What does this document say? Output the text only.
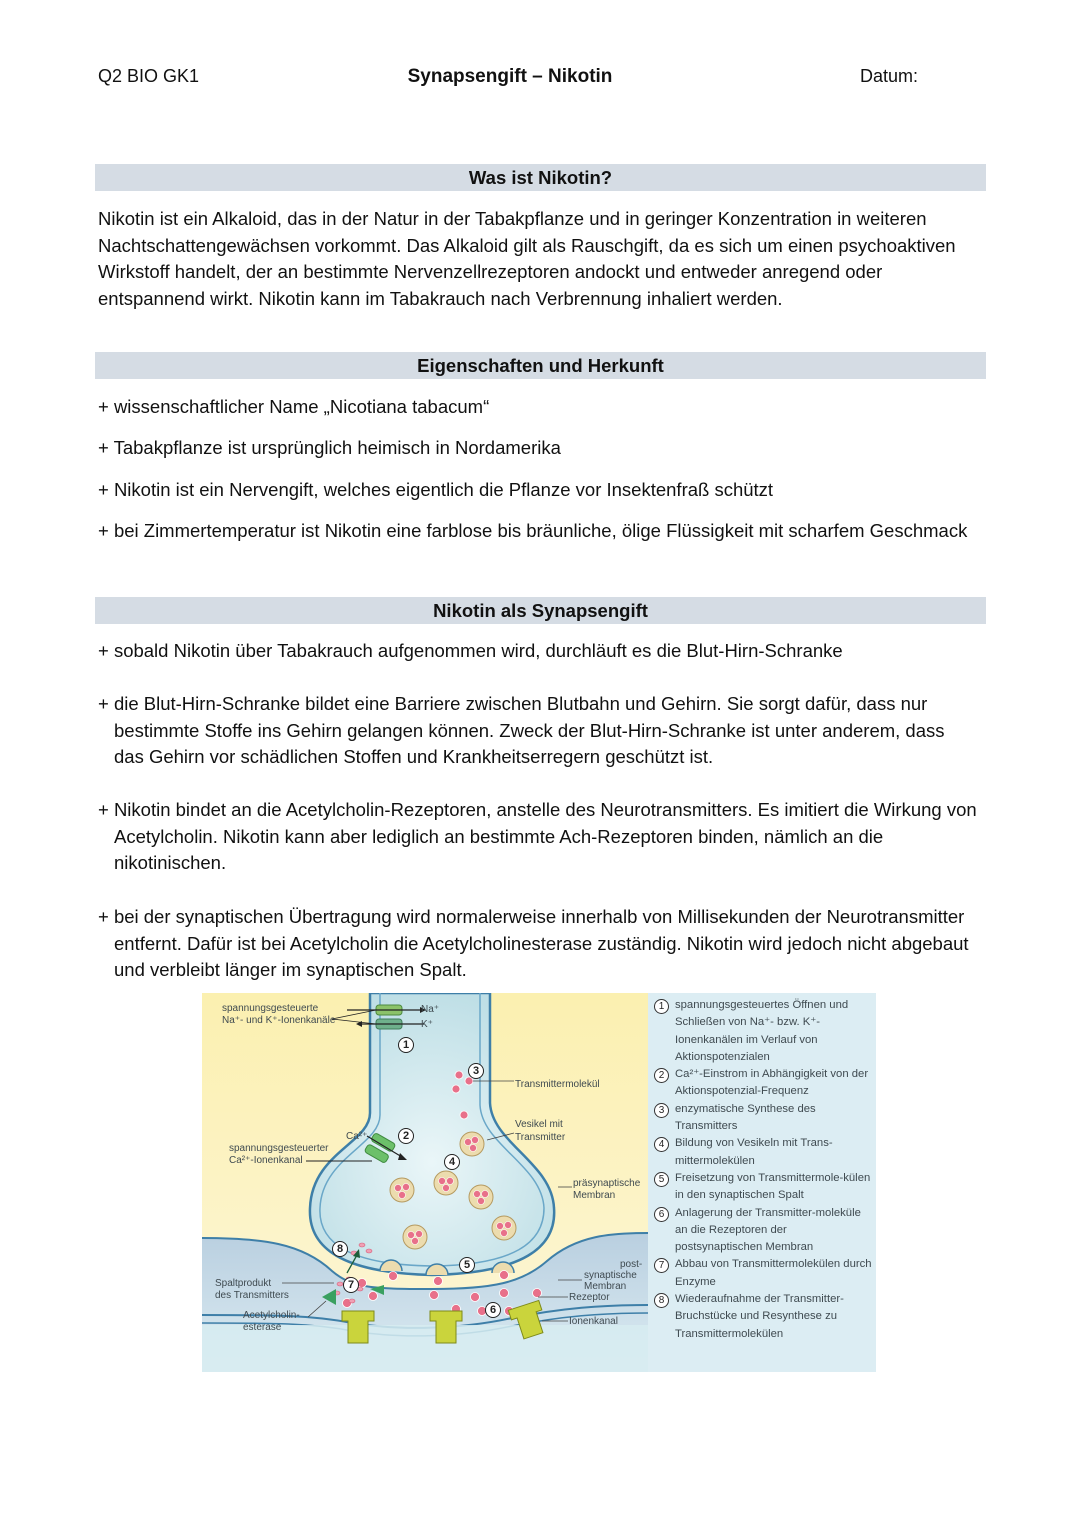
Q2 BIO GK1	Synapsengift – Nikotin	Datum:
Was ist Nikotin?
Nikotin ist ein Alkaloid, das in der Natur in der Tabakpflanze und in geringer Konzentration in weiteren Nachtschattengewächsen vorkommt. Das Alkaloid gilt als Rauschgift, da es sich um einen psychoaktiven Wirkstoff handelt, der an bestimmte Nervenzellrezeptoren andockt und entweder anregend oder entspannend wirkt. Nikotin kann im Tabakrauch nach Verbrennung inhaliert werden.
Eigenschaften und Herkunft
+ wissenschaftlicher Name „Nicotiana tabacum“
+ Tabakpflanze ist ursprünglich heimisch in Nordamerika
+ Nikotin ist ein Nervengift, welches eigentlich die Pflanze vor Insektenfraß schützt
+ bei Zimmertemperatur ist Nikotin eine farblose bis bräunliche, ölige Flüssigkeit mit scharfem Geschmack
Nikotin als Synapsengift
+ sobald Nikotin über Tabakrauch aufgenommen wird, durchläuft es die Blut-Hirn-Schranke
+ die Blut-Hirn-Schranke bildet eine Barriere zwischen Blutbahn und Gehirn. Sie sorgt dafür, dass nur bestimmte Stoffe ins Gehirn gelangen können. Zweck der Blut-Hirn-Schranke ist unter anderem, dass das Gehirn vor schädlichen Stoffen und Krankheitserregern geschützt ist.
+ Nikotin bindet an die Acetylcholin-Rezeptoren, anstelle des Neurotransmitters. Es imitiert die Wirkung von Acetylcholin. Nikotin kann aber lediglich an bestimmte Ach-Rezeptoren binden, nämlich an die nikotinischen.
+ bei der synaptischen Übertragung wird normalerweise innerhalb von Millisekunden der Neurotransmitter entfernt. Dafür ist bei Acetylcholin die Acetylcholinesterase zuständig. Nikotin wird jedoch nicht abgebaut und verbleibt länger im synaptischen Spalt.
1
2
3
4
5
6
7
8
spannungsgesteuerte
Na⁺- und K⁺-Ionenkanäle
Na⁺
K⁺
Ca²⁺
spannungsgesteuerter
Ca²⁺-Ionenkanal
Transmittermolekül
Vesikel mit
Transmitter
präsynaptische
Membran
post-
synaptische
Membran
Rezeptor
Ionenkanal
Spaltprodukt
des Transmitters
Acetylcholin-
esterase
1 spannungsgesteuertes Öffnen und Schließen von Na⁺- bzw. K⁺-Ionenkanälen im Verlauf von Aktionspotenzialen
2 Ca²⁺-Einstrom in Abhängigkeit von der Aktionspotenzial-Frequenz
3 enzymatische Synthese des Transmitters
4 Bildung von Vesikeln mit Trans-mittermolekülen
5 Freisetzung von Transmittermole-külen in den synaptischen Spalt
6 Anlagerung der Transmitter-moleküle an die Rezeptoren der postsynaptischen Membran
7 Abbau von Transmittermolekülen durch Enzyme
8 Wiederaufnahme der Transmitter-Bruchstücke und Resynthese zu Transmittermolekülen
